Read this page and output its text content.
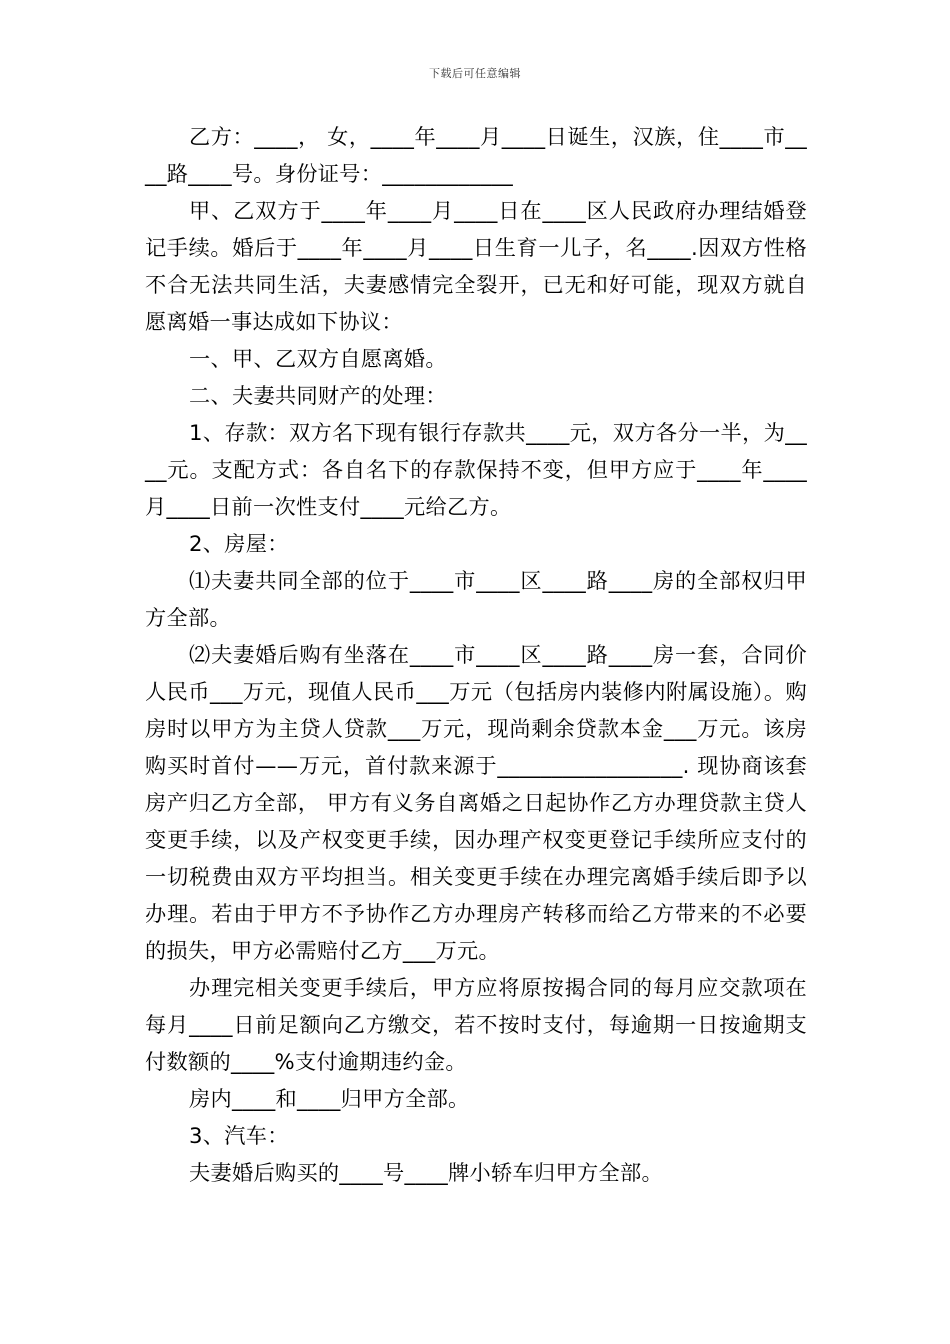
下载后可任意编辑

乙方：____， 女，____年____月____日诞生，汉族，住____市____路____号。身份证号：____________

甲、乙双方于____年____月____日在____区人民政府办理结婚登记手续。婚后于____年____月____日生育一儿子，名____.因双方性格不合无法共同生活，夫妻感情完全裂开，已无和好可能，现双方就自愿离婚一事达成如下协议：

一、甲、乙双方自愿离婚。

二、夫妻共同财产的处理：

1、存款：双方名下现有银行存款共____元，双方各分一半，为____元。支配方式：各自名下的存款保持不变，但甲方应于____年____月____日前一次性支付____元给乙方。

2、房屋：

⑴夫妻共同全部的位于____市____区____路____房的全部权归甲方全部。

⑵夫妻婚后购有坐落在____市____区____路____房一套，合同价人民币___万元，现值人民币___万元（包括房内装修内附属设施）。购房时以甲方为主贷人贷款___万元，现尚剩余贷款本金___万元。该房购买时首付——万元，首付款来源于_________________. 现协商该套房产归乙方全部， 甲方有义务自离婚之日起协作乙方办理贷款主贷人变更手续，以及产权变更手续，因办理产权变更登记手续所应支付的一切税费由双方平均担当。相关变更手续在办理完离婚手续后即予以办理。若由于甲方不予协作乙方办理房产转移而给乙方带来的不必要的损失，甲方必需赔付乙方___万元。

办理完相关变更手续后，甲方应将原按揭合同的每月应交款项在每月____日前足额向乙方缴交，若不按时支付，每逾期一日按逾期支付数额的____%支付逾期违约金。

房内____和____归甲方全部。

3、汽车：

夫妻婚后购买的____号____牌小轿车归甲方全部。
